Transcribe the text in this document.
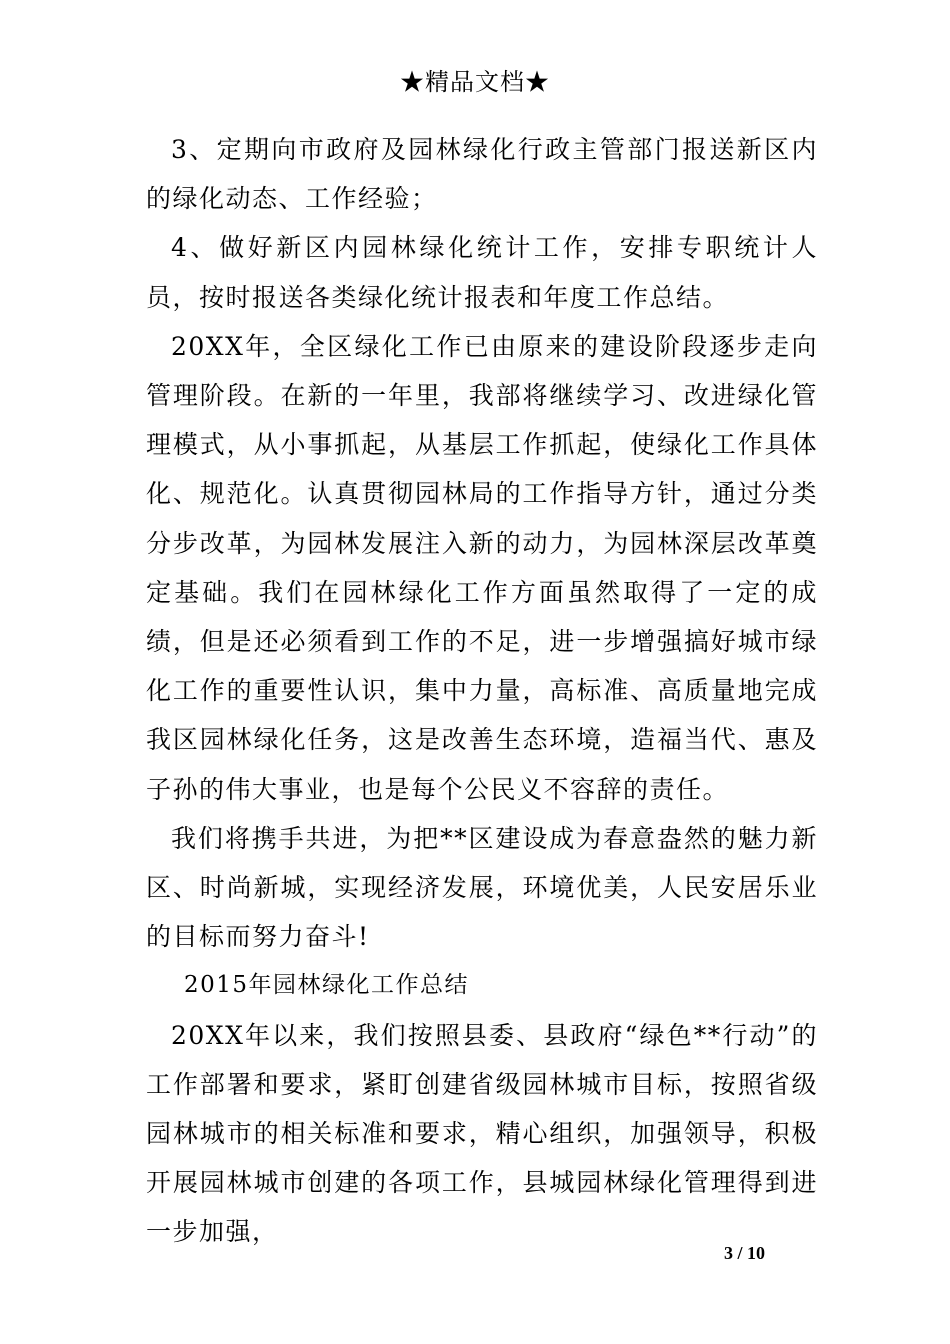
★精品文档★

3、定期向市政府及园林绿化行政主管部门报送新区内的绿化动态、工作经验；

4、做好新区内园林绿化统计工作，安排专职统计人员，按时报送各类绿化统计报表和年度工作总结。

20XX年，全区绿化工作已由原来的建设阶段逐步走向管理阶段。在新的一年里，我部将继续学习、改进绿化管理模式，从小事抓起，从基层工作抓起，使绿化工作具体化、规范化。认真贯彻园林局的工作指导方针，通过分类分步改革，为园林发展注入新的动力，为园林深层改革奠定基础。我们在园林绿化工作方面虽然取得了一定的成绩，但是还必须看到工作的不足，进一步增强搞好城市绿化工作的重要性认识，集中力量，高标准、高质量地完成我区园林绿化任务，这是改善生态环境，造福当代、惠及子孙的伟大事业，也是每个公民义不容辞的责任。

我们将携手共进，为把**区建设成为春意盎然的魅力新区、时尚新城，实现经济发展，环境优美，人民安居乐业的目标而努力奋斗!

2015年园林绿化工作总结

20XX年以来，我们按照县委、县政府“绿色**行动”的工作部署和要求，紧盯创建省级园林城市目标，按照省级园林城市的相关标准和要求，精心组织，加强领导，积极开展园林城市创建的各项工作，县城园林绿化管理得到进一步加强，

3 / 10
